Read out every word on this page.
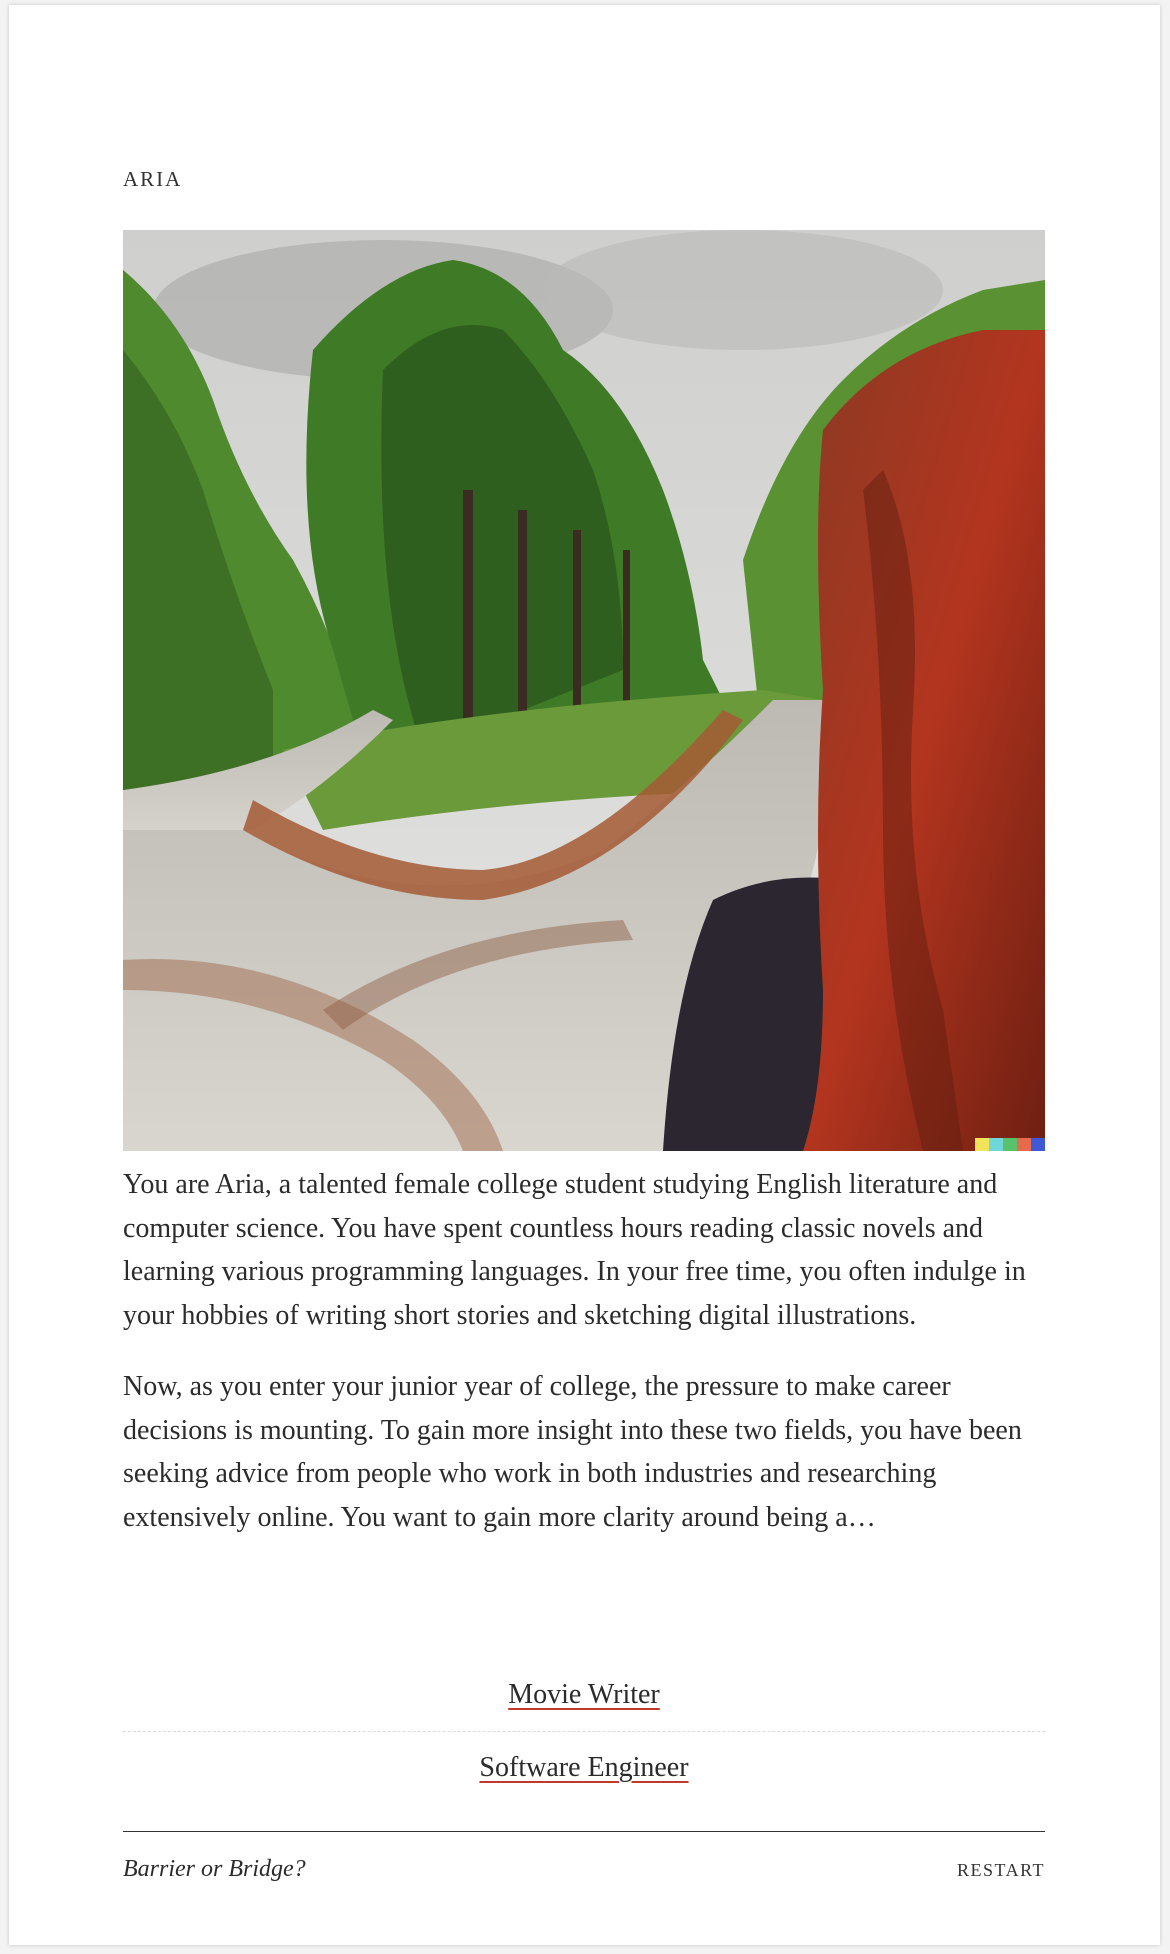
ARIA

You are Aria, a talented female college student studying English literature and computer science. You have spent countless hours reading classic novels and learning various programming languages. In your free time, you often indulge in your hobbies of writing short stories and sketching digital illustrations.

Now, as you enter your junior year of college, the pressure to make career decisions is mounting. To gain more insight into these two fields, you have been seeking advice from people who work in both industries and researching extensively online. You want to gain more clarity around being a…

Movie Writer
Software Engineer
Barrier or Bridge?	RESTART
